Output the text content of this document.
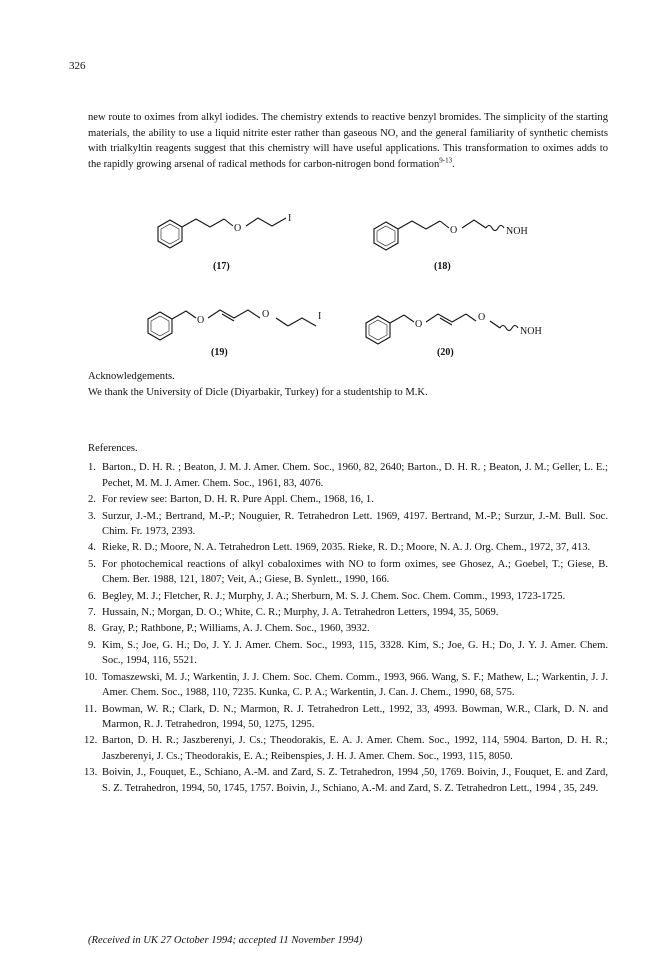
326
new route to oximes from alkyl iodides. The chemistry extends to reactive benzyl bromides. The simplicity of the starting materials, the ability to use a liquid nitrite ester rather than gaseous NO, and the general familiarity of synthetic chemists with trialkyltin reagents suggest that this chemistry will have useful applications. This transformation to oximes adds to the rapidly growing arsenal of radical methods for carbon-nitrogen bond formation$^{9-13}$.
O
I
O	NOH
O
O	I
O
O
NOH
(17)	(18)
(19)	(20)
Acknowledgements.
We thank the University of Dicle (Diyarbakir, Turkey) for a studentship to M.K.
References.
1. Barton., D. H. R. ; Beaton, J. M. J. Amer. Chem. Soc., 1960, 82, 2640; Barton., D. H. R. ; Beaton, J. M.; Geller, L. E.; Pechet, M. M. J. Amer. Chem. Soc., 1961, 83, 4076.
2. For review see: Barton, D. H. R. Pure Appl. Chem., 1968, 16, 1.
3. Surzur, J.-M.; Bertrand, M.-P.; Nouguier, R. Tetrahedron Lett. 1969, 4197. Bertrand, M.-P.; Surzur, J.-M. Bull. Soc. Chim. Fr. 1973, 2393.
4. Rieke, R. D.; Moore, N. A. Tetrahedron Lett. 1969, 2035. Rieke, R. D.; Moore, N. A. J. Org. Chem., 1972, 37, 413.
5. For photochemical reactions of alkyl cobaloximes with NO to form oximes, see Ghosez, A.; Goebel, T.; Giese, B. Chem. Ber. 1988, 121, 1807; Veit, A.; Giese, B. Synlett., 1990, 166.
6. Begley, M. J.; Fletcher, R. J.; Murphy, J. A.; Sherburn, M. S. J. Chem. Soc. Chem. Comm., 1993, 1723-1725.
7. Hussain, N.; Morgan, D. O.; White, C. R.; Murphy, J. A. Tetrahedron Letters, 1994, 35, 5069.
8. Gray, P.; Rathbone, P.; Williams, A. J. Chem. Soc., 1960, 3932.
9. Kim, S.; Joe, G. H.; Do, J. Y. J. Amer. Chem. Soc., 1993, 115, 3328. Kim, S.; Joe, G. H.; Do, J. Y. J. Amer. Chem. Soc., 1994, 116, 5521.
10. Tomaszewski, M. J.; Warkentin, J. J. Chem. Soc. Chem. Comm., 1993, 966. Wang, S. F.; Mathew, L.; Warkentin, J. J. Amer. Chem. Soc., 1988, 110, 7235. Kunka, C. P. A.; Warkentin, J. Can. J. Chem., 1990, 68, 575.
11. Bowman, W. R.; Clark, D. N.; Marmon, R. J. Tetrahedron Lett., 1992, 33, 4993. Bowman, W.R., Clark, D. N. and Marmon, R. J. Tetrahedron, 1994, 50, 1275, 1295.
12. Barton, D. H. R.; Jaszberenyi, J. Cs.; Theodorakis, E. A. J. Amer. Chem. Soc., 1992, 114, 5904. Barton, D. H. R.; Jaszberenyi, J. Cs.; Theodorakis, E. A.; Reibenspies, J. H. J. Amer. Chem. Soc., 1993, 115, 8050.
13. Boivin, J., Fouquet, E., Schiano, A.-M. and Zard, S. Z. Tetrahedron, 1994 ,50, 1769. Boivin, J., Fouquet, E. and Zard, S. Z. Tetrahedron, 1994, 50, 1745, 1757. Boivin, J., Schiano, A.-M. and Zard, S. Z. Tetrahedron Lett., 1994 , 35, 249.
(Received in UK 27 October 1994; accepted 11 November 1994)
